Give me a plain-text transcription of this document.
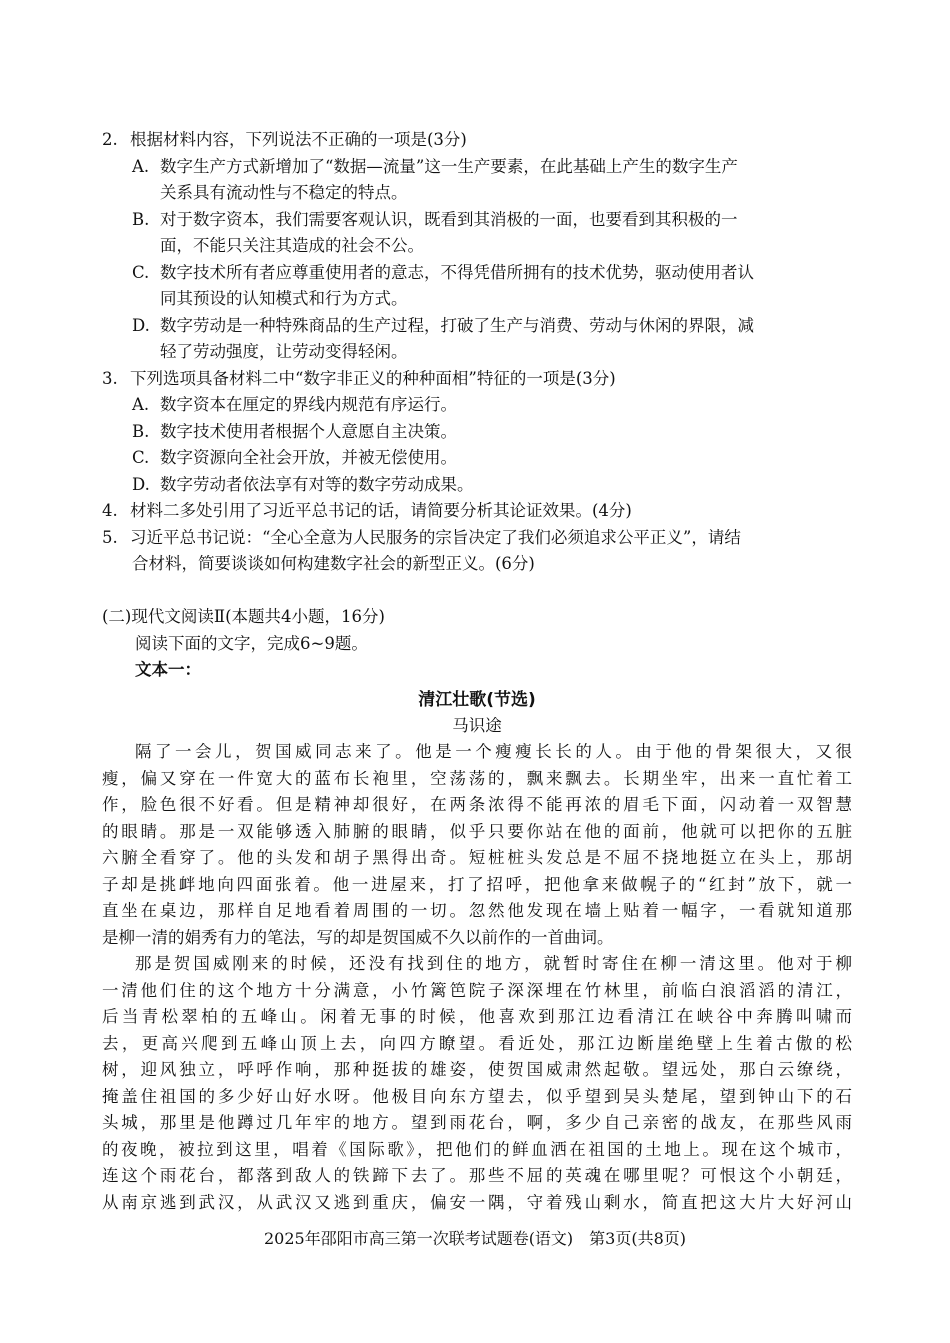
2. 根据材料内容，下列说法不正确的一项是(3分)
A. 数字生产方式新增加了“数据—流量”这一生产要素，在此基础上产生的数字生产
关系具有流动性与不稳定的特点。
B. 对于数字资本，我们需要客观认识，既看到其消极的一面，也要看到其积极的一
面，不能只关注其造成的社会不公。
C. 数字技术所有者应尊重使用者的意志，不得凭借所拥有的技术优势，驱动使用者认
同其预设的认知模式和行为方式。
D. 数字劳动是一种特殊商品的生产过程，打破了生产与消费、劳动与休闲的界限，减
轻了劳动强度，让劳动变得轻闲。
3. 下列选项具备材料二中“数字非正义的种种面相”特征的一项是(3分)
A. 数字资本在厘定的界线内规范有序运行。
B. 数字技术使用者根据个人意愿自主决策。
C. 数字资源向全社会开放，并被无偿使用。
D. 数字劳动者依法享有对等的数字劳动成果。
4. 材料二多处引用了习近平总书记的话，请简要分析其论证效果。(4分)
5. 习近平总书记说：“全心全意为人民服务的宗旨决定了我们必须追求公平正义”，请结
合材料，简要谈谈如何构建数字社会的新型正义。(6分)
(二)现代文阅读Ⅱ(本题共4小题，16分)
阅读下面的文字，完成6~9题。
文本一：
清江壮歌(节选)
马识途
隔了一会儿，贺国威同志来了。他是一个瘦瘦长长的人。由于他的骨架很大，又很
瘦，偏又穿在一件宽大的蓝布长袍里，空荡荡的，飘来飘去。长期坐牢，出来一直忙着工
作，脸色很不好看。但是精神却很好，在两条浓得不能再浓的眉毛下面，闪动着一双智慧
的眼睛。那是一双能够透入肺腑的眼睛，似乎只要你站在他的面前，他就可以把你的五脏
六腑全看穿了。他的头发和胡子黑得出奇。短桩桩头发总是不屈不挠地挺立在头上，那胡
子却是挑衅地向四面张着。他一进屋来，打了招呼，把他拿来做幌子的“红封”放下，就一
直坐在桌边，那样自足地看着周围的一切。忽然他发现在墙上贴着一幅字，一看就知道那
是柳一清的娟秀有力的笔法，写的却是贺国威不久以前作的一首曲词。
那是贺国威刚来的时候，还没有找到住的地方，就暂时寄住在柳一清这里。他对于柳
一清他们住的这个地方十分满意，小竹篱笆院子深深埋在竹林里，前临白浪滔滔的清江，
后当青松翠柏的五峰山。闲着无事的时候，他喜欢到那江边看清江在峡谷中奔腾叫啸而
去，更高兴爬到五峰山顶上去，向四方瞭望。看近处，那江边断崖绝壁上生着古傲的松
树，迎风独立，呼呼作响，那种挺拔的雄姿，使贺国威肃然起敬。望远处，那白云缭绕，
掩盖住祖国的多少好山好水呀。他极目向东方望去，似乎望到吴头楚尾，望到钟山下的石
头城，那里是他蹲过几年牢的地方。望到雨花台，啊，多少自己亲密的战友，在那些风雨
的夜晚，被拉到这里，唱着《国际歌》，把他们的鲜血洒在祖国的土地上。现在这个城市，
连这个雨花台，都落到敌人的铁蹄下去了。那些不屈的英魂在哪里呢？可恨这个小朝廷，
从南京逃到武汉，从武汉又逃到重庆，偏安一隅，守着残山剩水，简直把这大片大好河山
2025年邵阳市高三第一次联考试题卷(语文)　第3页(共8页)
